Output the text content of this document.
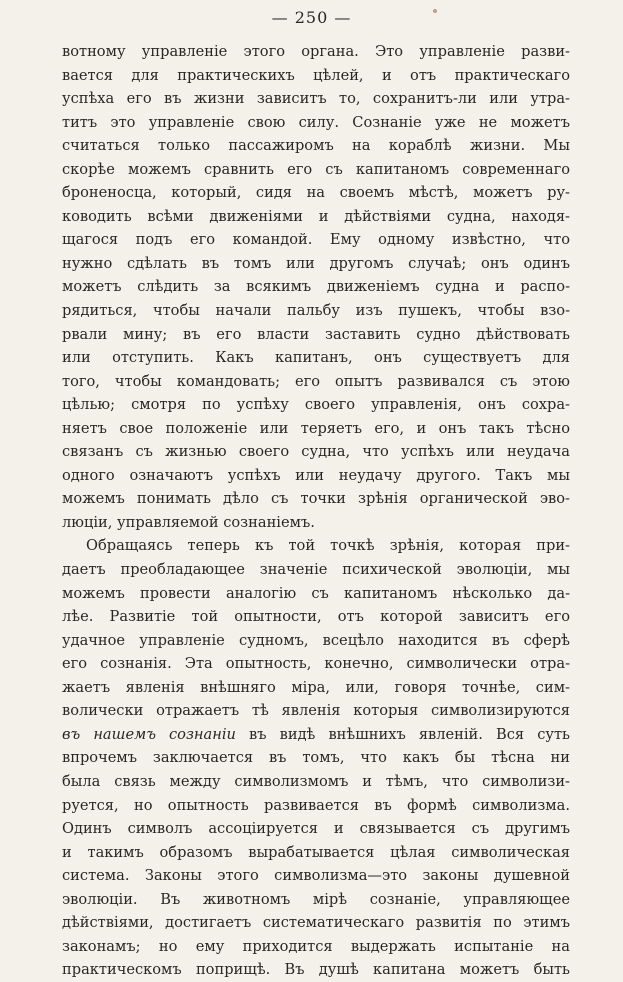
— 250 —
вотному управленіе этого органа. Это управленіе разви-
вается для практическихъ цѣлей, и отъ практическаго
успѣха его въ жизни зависитъ то, сохранитъ-ли или утра-
титъ это управленіе свою силу. Сознаніе уже не можетъ
считаться только пассажиромъ на кораблѣ жизни. Мы
скорѣе можемъ сравнить его съ капитаномъ современнаго
броненосца, который, сидя на своемъ мѣстѣ, можетъ ру-
ководить всѣми движеніями и дѣйствіями судна, находя-
щагося подъ его командой. Ему одному извѣстно, что
нужно сдѣлать въ томъ или другомъ случаѣ; онъ одинъ
можетъ слѣдить за всякимъ движеніемъ судна и распо-
рядиться, чтобы начали пальбу изъ пушекъ, чтобы взо-
рвали мину; въ его власти заставить судно дѣйствовать
или отступить. Какъ капитанъ, онъ существуетъ для
того, чтобы командовать; его опытъ развивался съ этою
цѣлью; смотря по успѣху своего управленія, онъ сохра-
няетъ свое положеніе или теряетъ его, и онъ такъ тѣсно
связанъ съ жизнью своего судна, что успѣхъ или неудача
одного означаютъ успѣхъ или неудачу другого. Такъ мы
можемъ понимать дѣло съ точки зрѣнія органической эво-
люціи, управляемой сознаніемъ.
Обращаясь теперь къ той точкѣ зрѣнія, которая при-
даетъ преобладающее значеніе психической эволюціи, мы
можемъ провести аналогію съ капитаномъ нѣсколько да-
лѣе. Развитіе той опытности, отъ которой зависитъ его
удачное управленіе судномъ, всецѣло находится въ сферѣ
его сознанія. Эта опытность, конечно, символически отра-
жаетъ явленія внѣшняго міра, или, говоря точнѣе, сим-
волически отражаетъ тѣ явленія которыя символизируются
въ нашемъ сознаніи въ видѣ внѣшнихъ явленій. Вся суть
впрочемъ заключается въ томъ, что какъ бы тѣсна ни
была связь между символизмомъ и тѣмъ, что символизи-
руется, но опытность развивается въ формѣ символизма.
Одинъ символъ ассоціируется и связывается съ другимъ
и такимъ образомъ вырабатывается цѣлая символическая
система. Законы этого символизма—это законы душевной
эволюціи. Въ животномъ мірѣ сознаніе, управляющее
дѣйствіями, достигаетъ систематическаго развитія по этимъ
законамъ; но ему приходится выдержать испытаніе на
практическомъ поприщѣ. Въ душѣ капитана можетъ быть
